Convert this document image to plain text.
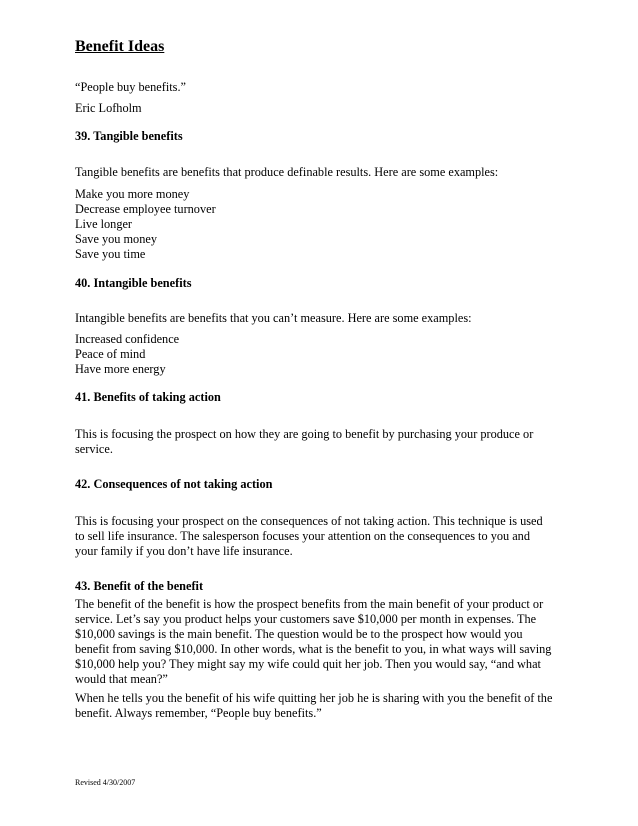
Benefit Ideas
“People buy benefits.”
Eric Lofholm
39. Tangible benefits
Tangible benefits are benefits that produce definable results. Here are some examples:
Make you more money
Decrease employee turnover
Live longer
Save you money
Save you time
40. Intangible benefits
Intangible benefits are benefits that you can’t measure. Here are some examples:
Increased confidence
Peace of mind
Have more energy
41. Benefits of taking action
This is focusing the prospect on how they are going to benefit by purchasing your produce or
service.
42. Consequences of not taking action
This is focusing your prospect on the consequences of not taking action. This technique is used
to sell life insurance. The salesperson focuses your attention on the consequences to you and
your family if you don’t have life insurance.
43. Benefit of the benefit
The benefit of the benefit is how the prospect benefits from the main benefit of your product or
service. Let’s say you product helps your customers save $10,000 per month in expenses. The
$10,000 savings is the main benefit. The question would be to the prospect how would you
benefit from saving $10,000. In other words, what is the benefit to you, in what ways will saving
$10,000 help you? They might say my wife could quit her job. Then you would say, “and what
would that mean?”
When he tells you the benefit of his wife quitting her job he is sharing with you the benefit of the
benefit. Always remember, “People buy benefits.”
Revised 4/30/2007
